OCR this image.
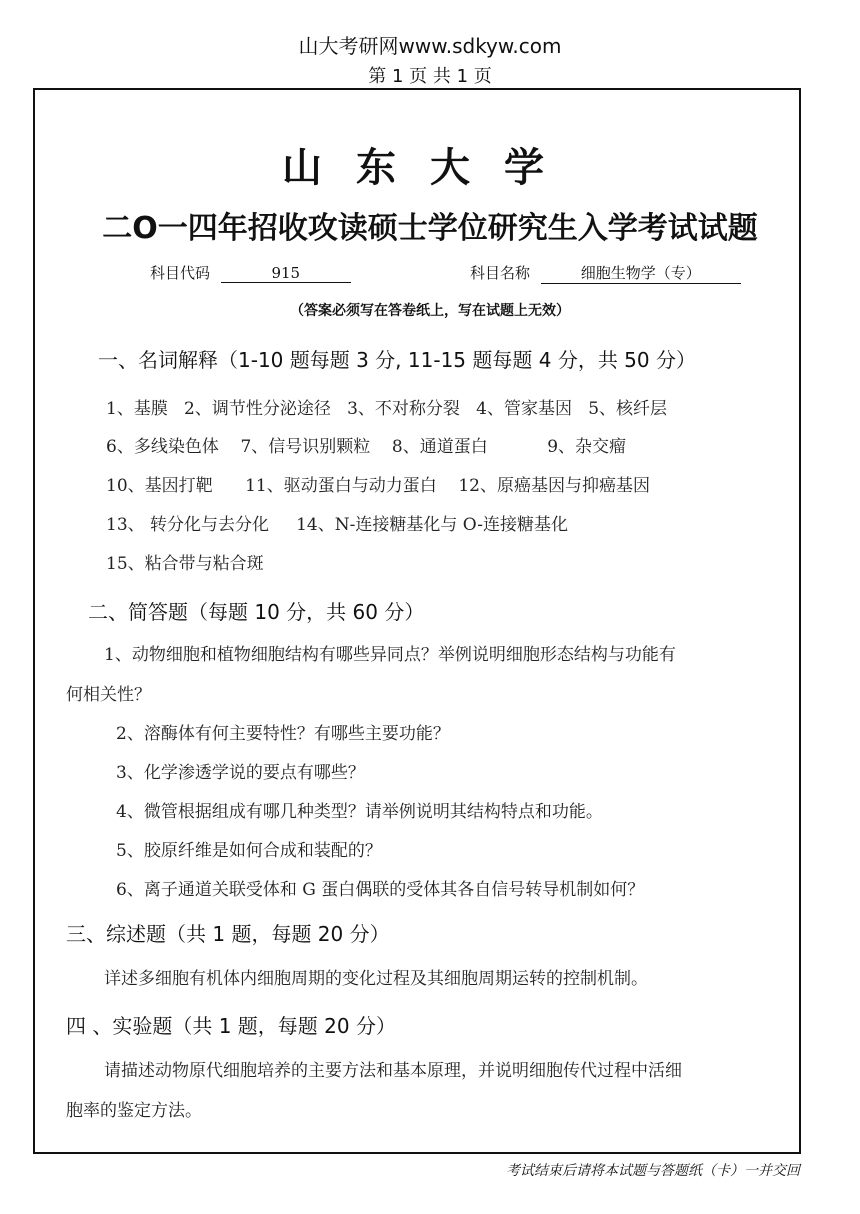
山大考研网www.sdkyw.com
第 1 页 共 1 页
山东大学
二O一四年招收攻读硕士学位研究生入学考试试题
科目代码	915	科目名称	细胞生物学（专）
（答案必须写在答卷纸上，写在试题上无效）
一、名词解释（1-10 题每题 3 分, 11-15 题每题 4 分，共 50 分）
1、基膜 2、调节性分泌途径 3、不对称分裂 4、管家基因 5、核纤层
6、多线染色体 7、信号识别颗粒 8、通道蛋白	9、杂交瘤
10、基因打靶 11、驱动蛋白与动力蛋白 12、原癌基因与抑癌基因
13、 转分化与去分化 14、N-连接糖基化与 O-连接糖基化
15、粘合带与粘合斑
二、简答题（每题 10 分，共 60 分）
1、动物细胞和植物细胞结构有哪些异同点？举例说明细胞形态结构与功能有
何相关性？
2、溶酶体有何主要特性？有哪些主要功能？
3、化学渗透学说的要点有哪些？
4、微管根据组成有哪几种类型？请举例说明其结构特点和功能。
5、胶原纤维是如何合成和装配的？
6、离子通道关联受体和 G 蛋白偶联的受体其各自信号转导机制如何？
三、综述题（共 1 题，每题 20 分）
详述多细胞有机体内细胞周期的变化过程及其细胞周期运转的控制机制。
四 、实验题（共 1 题，每题 20 分）
请描述动物原代细胞培养的主要方法和基本原理，并说明细胞传代过程中活细
胞率的鉴定方法。
考试结束后请将本试题与答题纸（卡）一并交回
